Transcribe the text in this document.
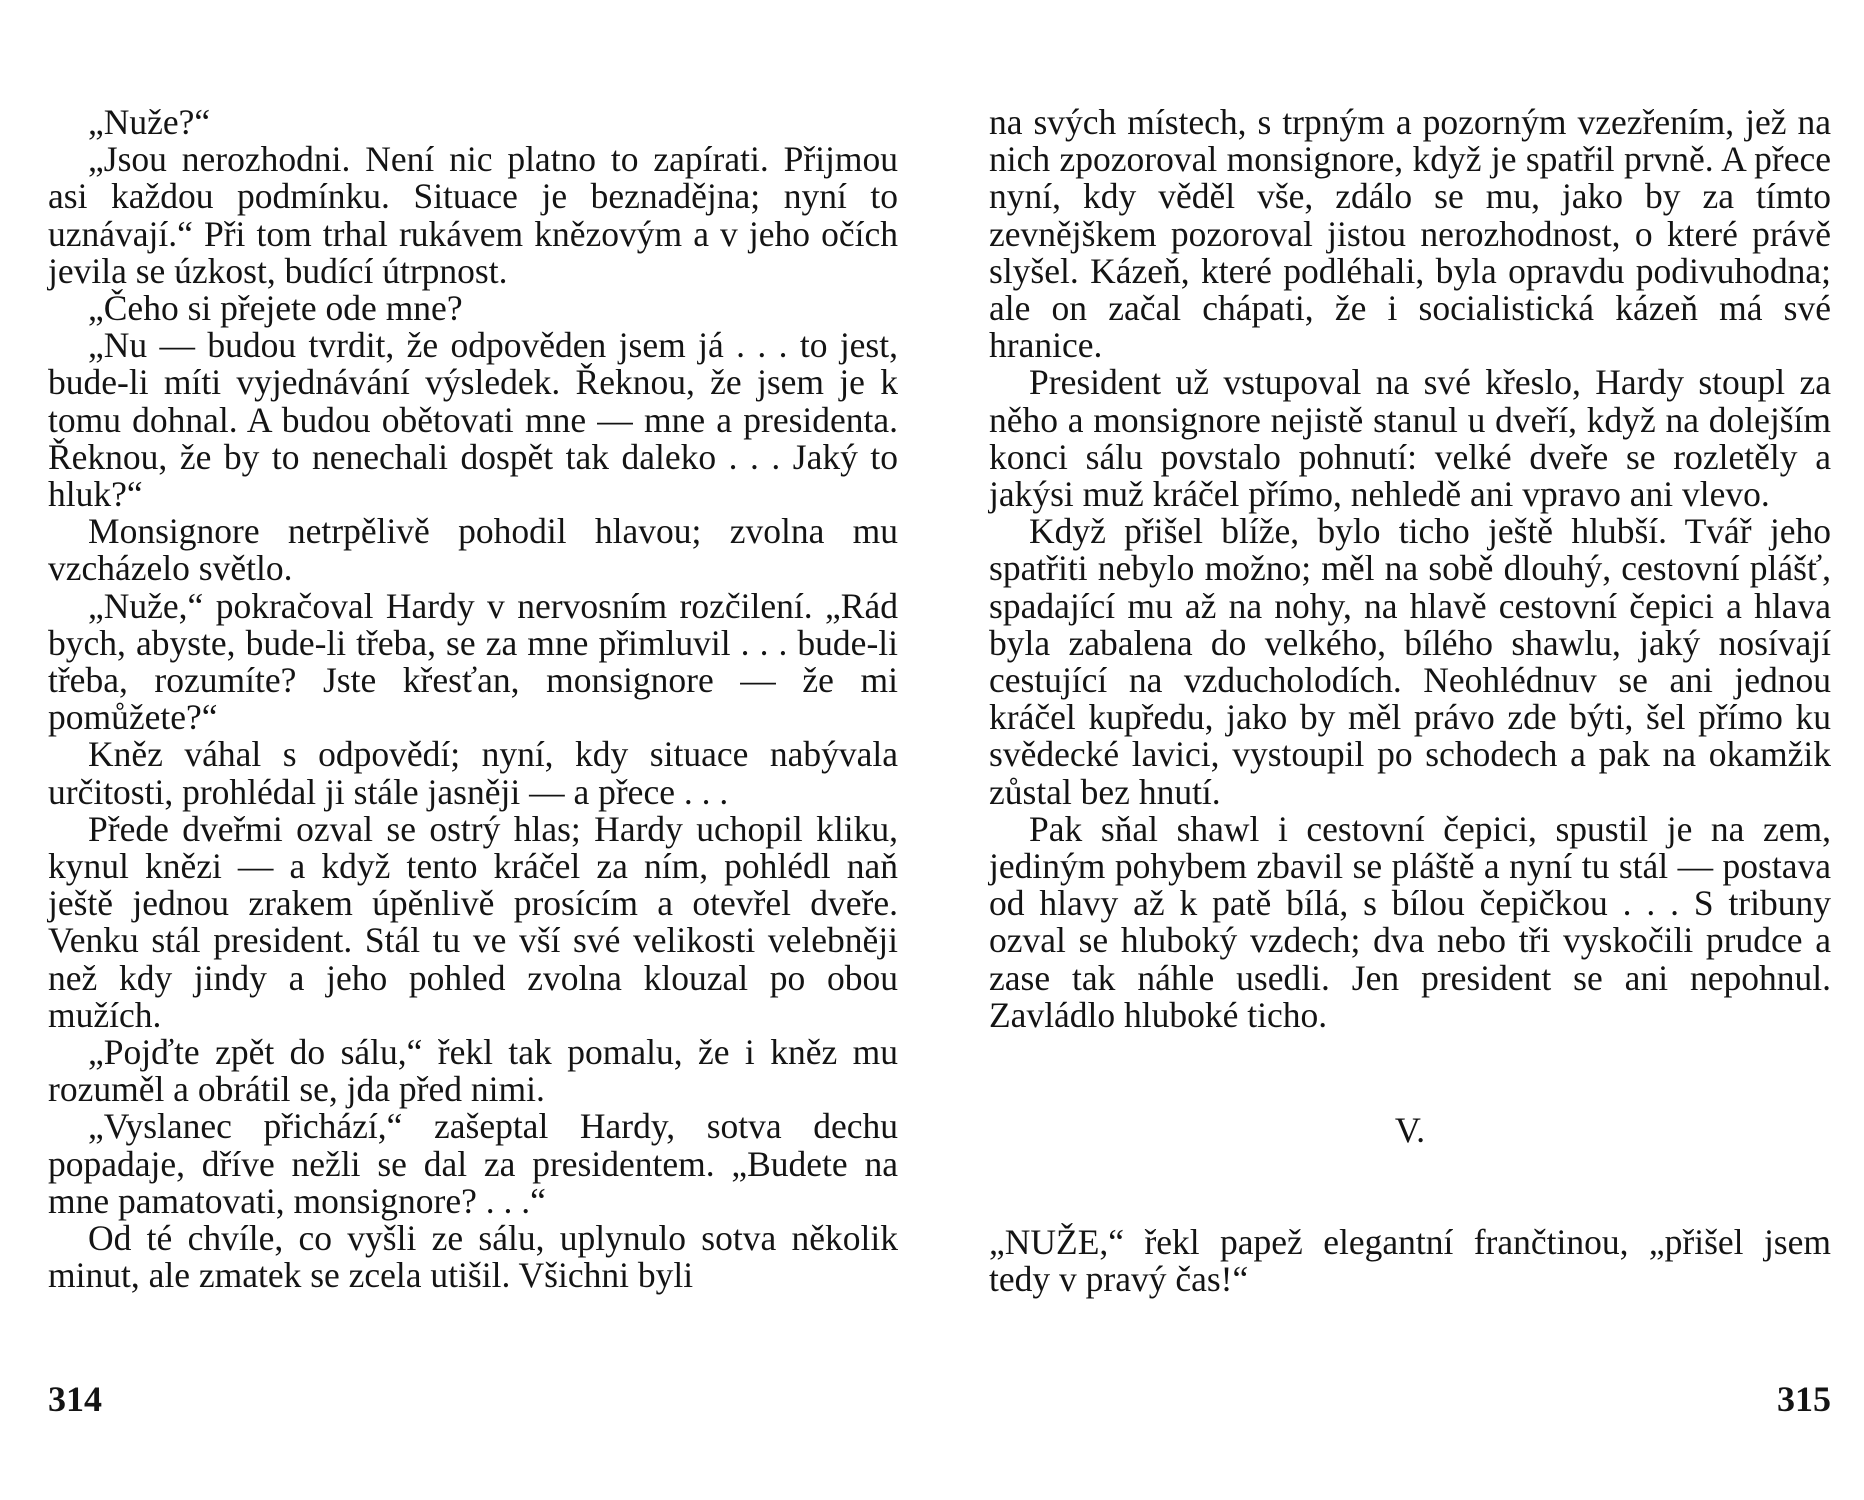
„Nuže?“

„Jsou nerozhodni. Není nic platno to zapírati. Přijmou asi každou podmínku. Situace je beznadějna; nyní to uznávají.“ Při tom trhal rukávem knězovým a v jeho očích jevila se úzkost, budící útrpnost.

„Čeho si přejete ode mne?

„Nu — budou tvrdit, že odpověden jsem já . . . to jest, bude-li míti vyjednávání výsledek. Řeknou, že jsem je k tomu dohnal. A budou obětovati mne — mne a presidenta. Řeknou, že by to nenechali dospět tak daleko . . . Jaký to hluk?“

Monsignore netrpělivě pohodil hlavou; zvolna mu vzcházelo světlo.

„Nuže,“ pokračoval Hardy v nervosním rozčilení. „Rád bych, abyste, bude-li třeba, se za mne přimluvil . . . bude-li třeba, rozumíte? Jste křesťan, monsignore — že mi pomůžete?“

Kněz váhal s odpovědí; nyní, kdy situace nabývala určitosti, prohlédal ji stále jasněji — a přece . . .

Přede dveřmi ozval se ostrý hlas; Hardy uchopil kliku, kynul knězi — a když tento kráčel za ním, pohlédl naň ještě jednou zrakem úpěnlivě prosícím a otevřel dveře. Venku stál president. Stál tu ve vší své velikosti velebněji než kdy jindy a jeho pohled zvolna klouzal po obou mužích.

„Pojďte zpět do sálu,“ řekl tak pomalu, že i kněz mu rozuměl a obrátil se, jda před nimi.

„Vyslanec přichází,“ zašeptal Hardy, sotva dechu popadaje, dříve nežli se dal za presidentem. „Budete na mne pamatovati, monsignore? . . .“

Od té chvíle, co vyšli ze sálu, uplynulo sotva několik minut, ale zmatek se zcela utišil. Všichni byli

314

na svých místech, s trpným a pozorným vzezřením, jež na nich zpozoroval monsignore, když je spatřil prvně. A přece nyní, kdy věděl vše, zdálo se mu, jako by za tímto zevnějškem pozoroval jistou nerozhodnost, o které právě slyšel. Kázeň, které podléhali, byla opravdu podivuhodna; ale on začal chápati, že i socialistická kázeň má své hranice.

President už vstupoval na své křeslo, Hardy stoupl za něho a monsignore nejistě stanul u dveří, když na dolejším konci sálu povstalo pohnutí: velké dveře se rozletěly a jakýsi muž kráčel přímo, nehledě ani vpravo ani vlevo.

Když přišel blíže, bylo ticho ještě hlubší. Tvář jeho spatřiti nebylo možno; měl na sobě dlouhý, cestovní plášť, spadající mu až na nohy, na hlavě cestovní čepici a hlava byla zabalena do velkého, bílého shawlu, jaký nosívají cestující na vzducholodích. Neohlédnuv se ani jednou kráčel kupředu, jako by měl právo zde býti, šel přímo ku svědecké lavici, vystoupil po schodech a pak na okamžik zůstal bez hnutí.

Pak sňal shawl i cestovní čepici, spustil je na zem, jediným pohybem zbavil se pláště a nyní tu stál — postava od hlavy až k patě bílá, s bílou čepičkou . . . S tribuny ozval se hluboký vzdech; dva nebo tři vyskočili prudce a zase tak náhle usedli. Jen president se ani nepohnul. Zavládlo hluboké ticho.

V.

„NUŽE,“ řekl papež elegantní frančtinou, „přišel jsem tedy v pravý čas!“

315
